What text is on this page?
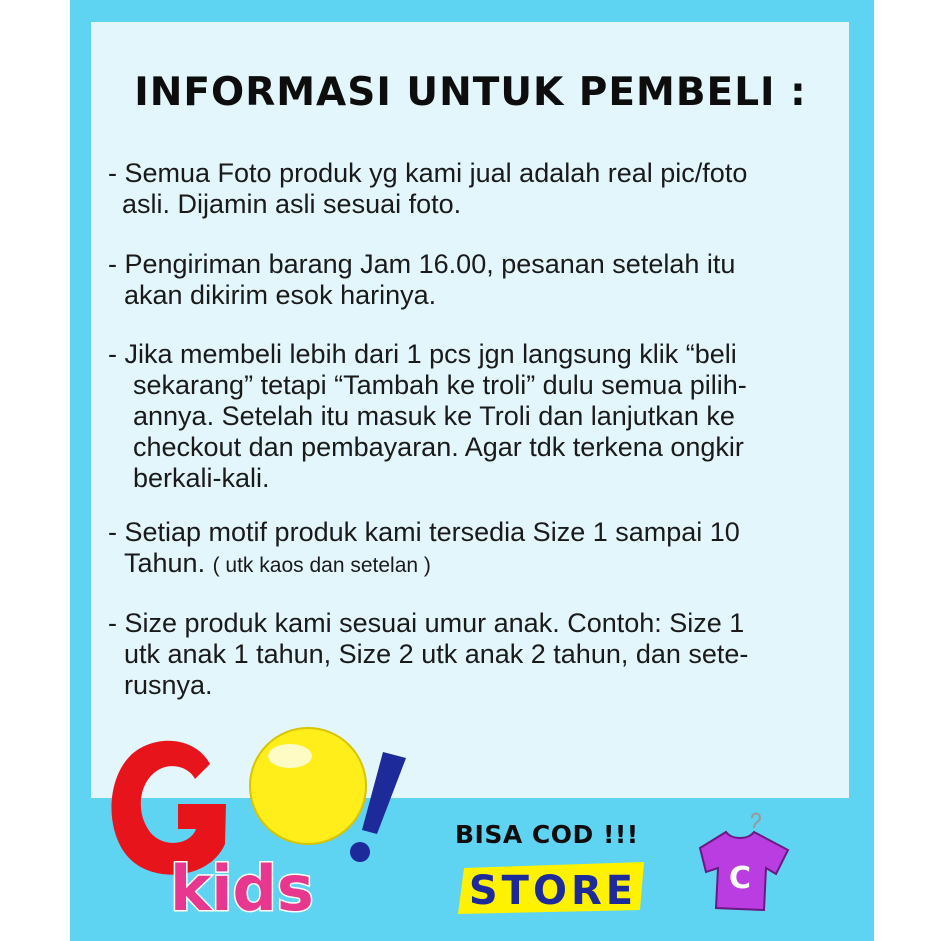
INFORMASI UNTUK PEMBELI :
- Semua Foto produk yg kami jual adalah real pic/foto
asli. Dijamin asli sesuai foto.
- Pengiriman barang Jam 16.00, pesanan setelah itu
akan dikirim esok harinya.
- Jika membeli lebih dari 1 pcs jgn langsung klik “beli
sekarang” tetapi “Tambah ke troli” dulu semua pilih-
annya. Setelah itu masuk ke Troli dan lanjutkan ke
checkout dan pembayaran. Agar tdk terkena ongkir
berkali-kali.
- Setiap motif produk kami tersedia Size 1 sampai 10
Tahun. ( utk kaos dan setelan )
- Size produk kami sesuai umur anak. Contoh: Size 1
utk anak 1 tahun, Size 2 utk anak 2 tahun, dan sete-
rusnya.
kids
BISA COD !!!
STORE	C
